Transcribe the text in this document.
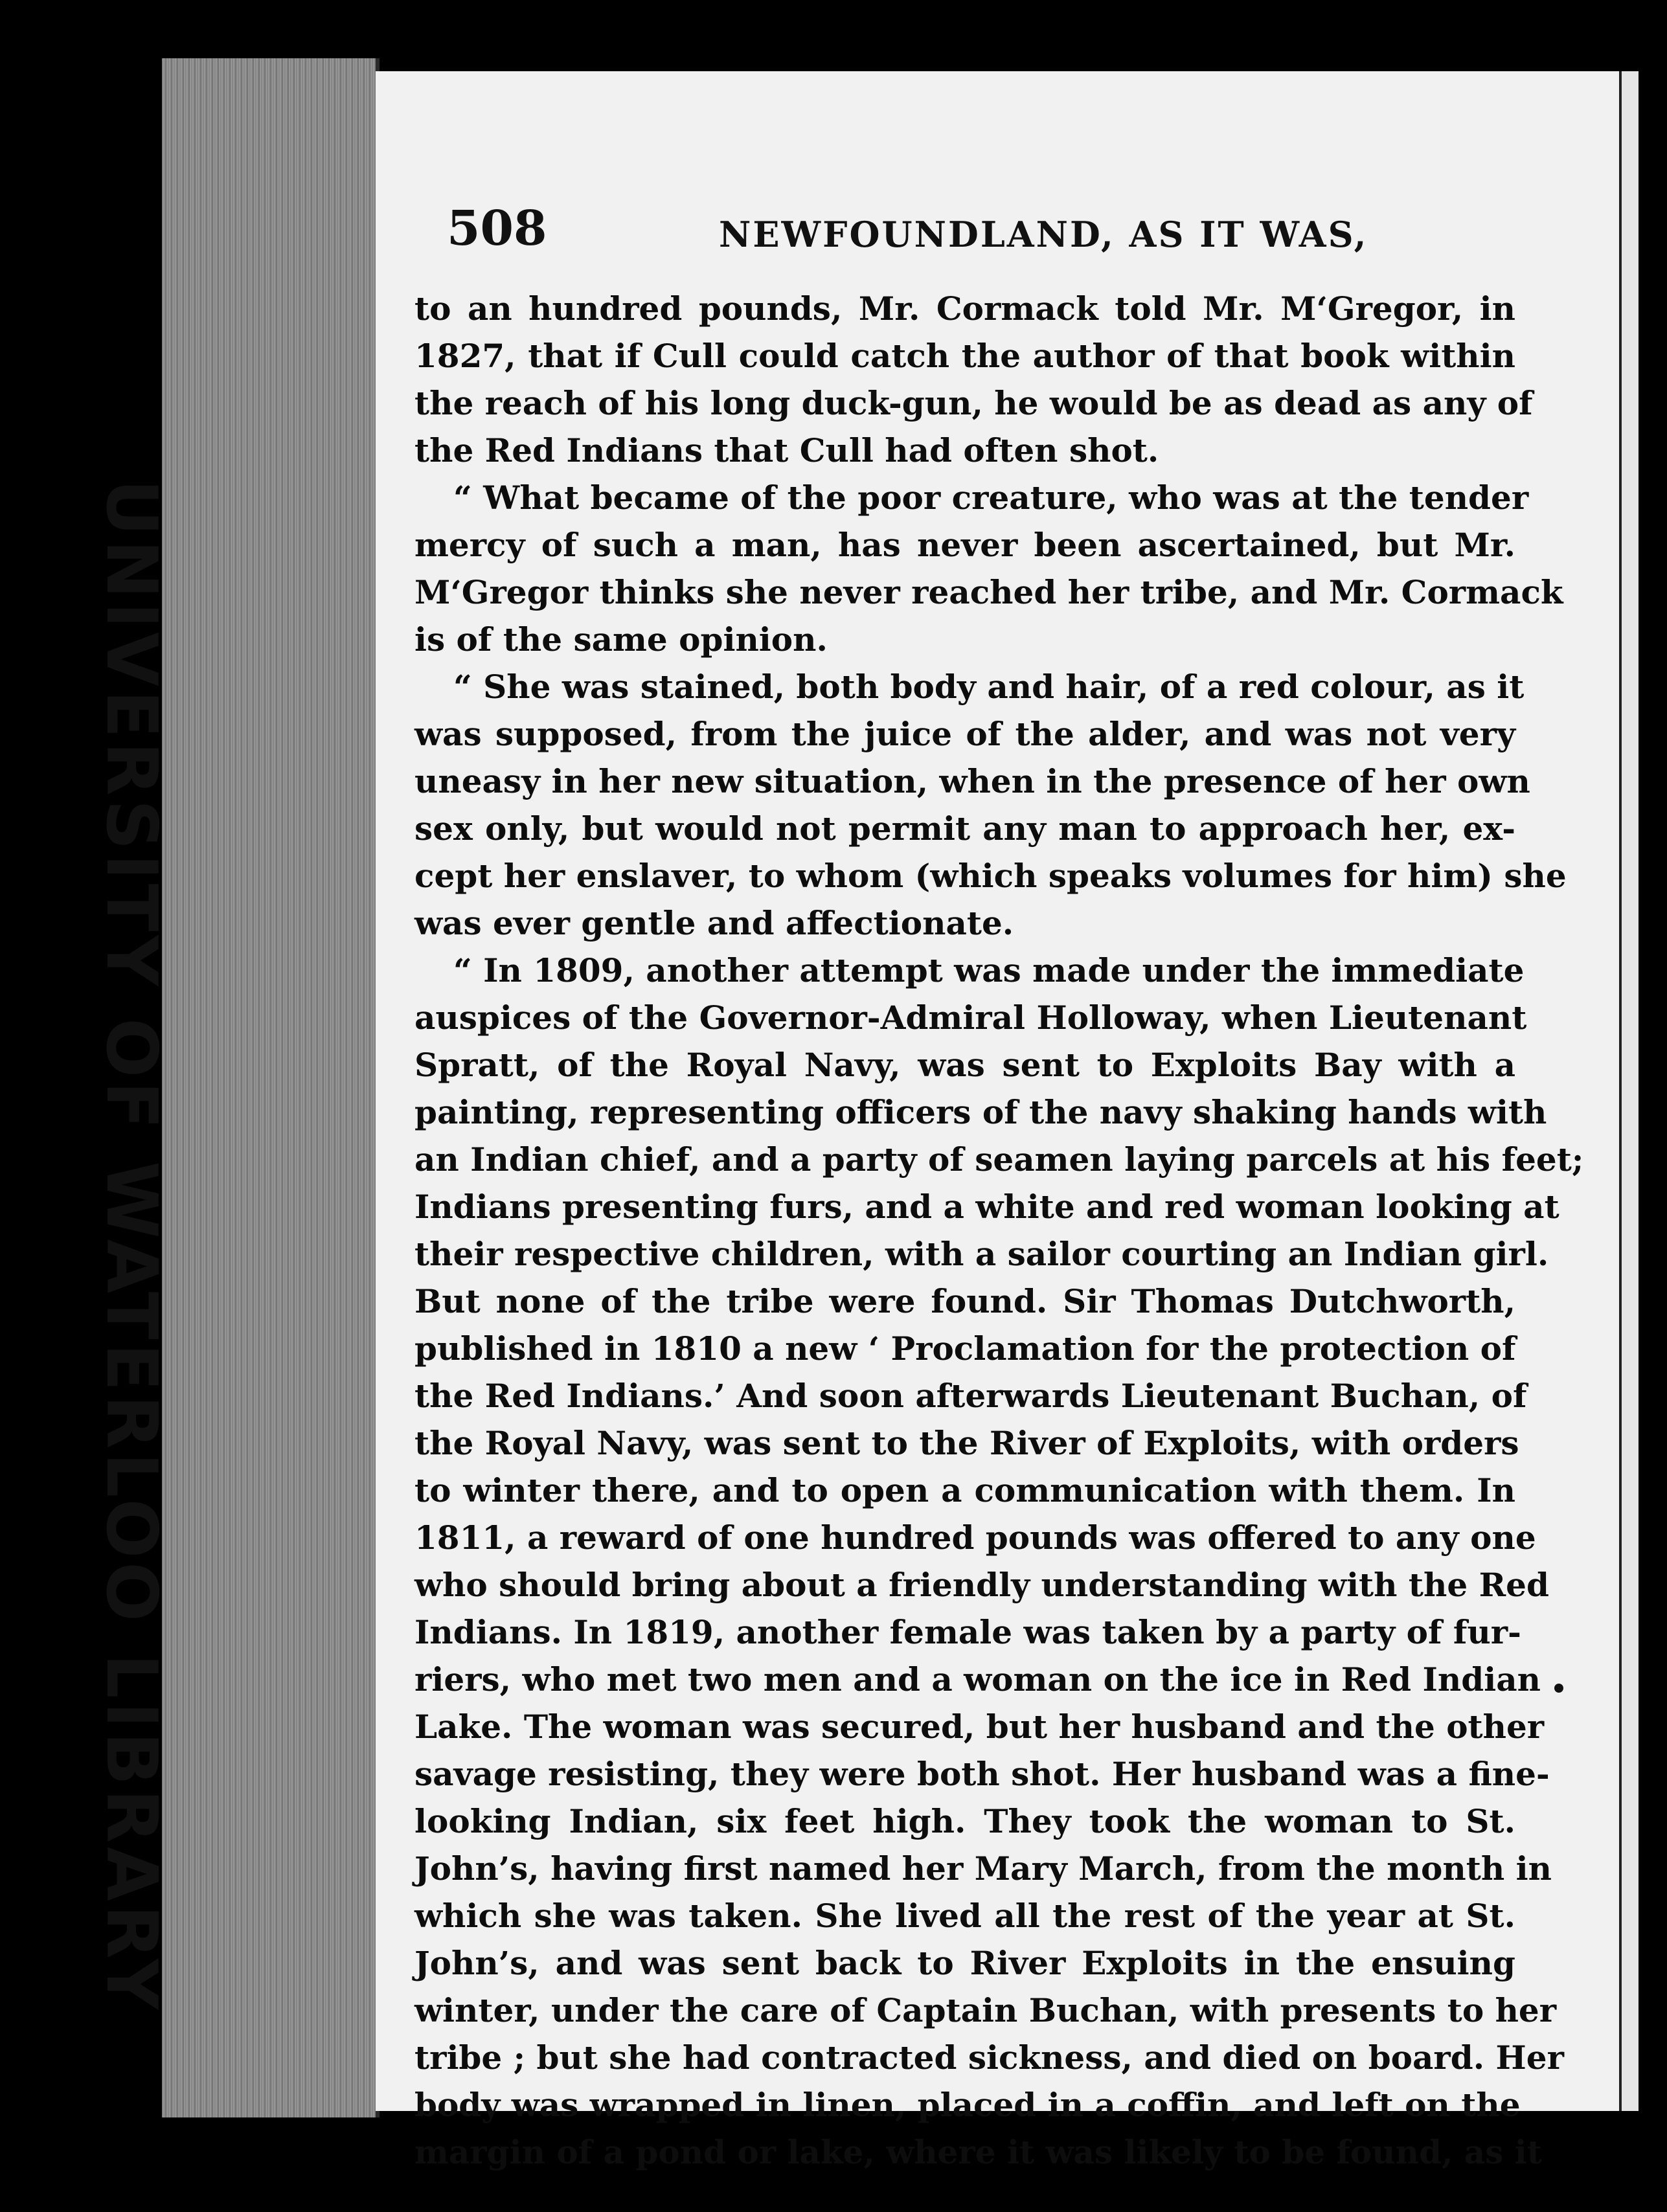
UNIVERSITY OF WATERLOO LIBRARY
508	NEWFOUNDLAND, AS IT WAS,
to an hundred pounds, Mr. Cormack told Mr. M‘Gregor, in
1827, that if Cull could catch the author of that book within
the reach of his long duck-gun, he would be as dead as any of
the Red Indians that Cull had often shot.
“ What became of the poor creature, who was at the tender
mercy of such a man, has never been ascertained, but Mr.
M‘Gregor thinks she never reached her tribe, and Mr. Cormack
is of the same opinion.
“ She was stained, both body and hair, of a red colour, as it
was supposed, from the juice of the alder, and was not very
uneasy in her new situation, when in the presence of her own
sex only, but would not permit any man to approach her, ex-
cept her enslaver, to whom (which speaks volumes for him) she
was ever gentle and affectionate.
“ In 1809, another attempt was made under the immediate
auspices of the Governor-Admiral Holloway, when Lieutenant
Spratt, of the Royal Navy, was sent to Exploits Bay with a
painting, representing officers of the navy shaking hands with
an Indian chief, and a party of seamen laying parcels at his feet;
Indians presenting furs, and a white and red woman looking at
their respective children, with a sailor courting an Indian girl.
But none of the tribe were found. Sir Thomas Dutchworth,
published in 1810 a new ‘ Proclamation for the protection of
the Red Indians.’ And soon afterwards Lieutenant Buchan, of
the Royal Navy, was sent to the River of Exploits, with orders
to winter there, and to open a communication with them. In
1811, a reward of one hundred pounds was offered to any one
who should bring about a friendly understanding with the Red
Indians. In 1819, another female was taken by a party of fur-
riers, who met two men and a woman on the ice in Red Indian
Lake. The woman was secured, but her husband and the other
savage resisting, they were both shot. Her husband was a fine-
looking Indian, six feet high. They took the woman to St.
John’s, having first named her Mary March, from the month in
which she was taken. She lived all the rest of the year at St.
John’s, and was sent back to River Exploits in the ensuing
winter, under the care of Captain Buchan, with presents to her
tribe ; but she had contracted sickness, and died on board. Her
body was wrapped in linen, placed in a coffin, and left on the
margin of a pond or lake, where it was likely to be found, as it
